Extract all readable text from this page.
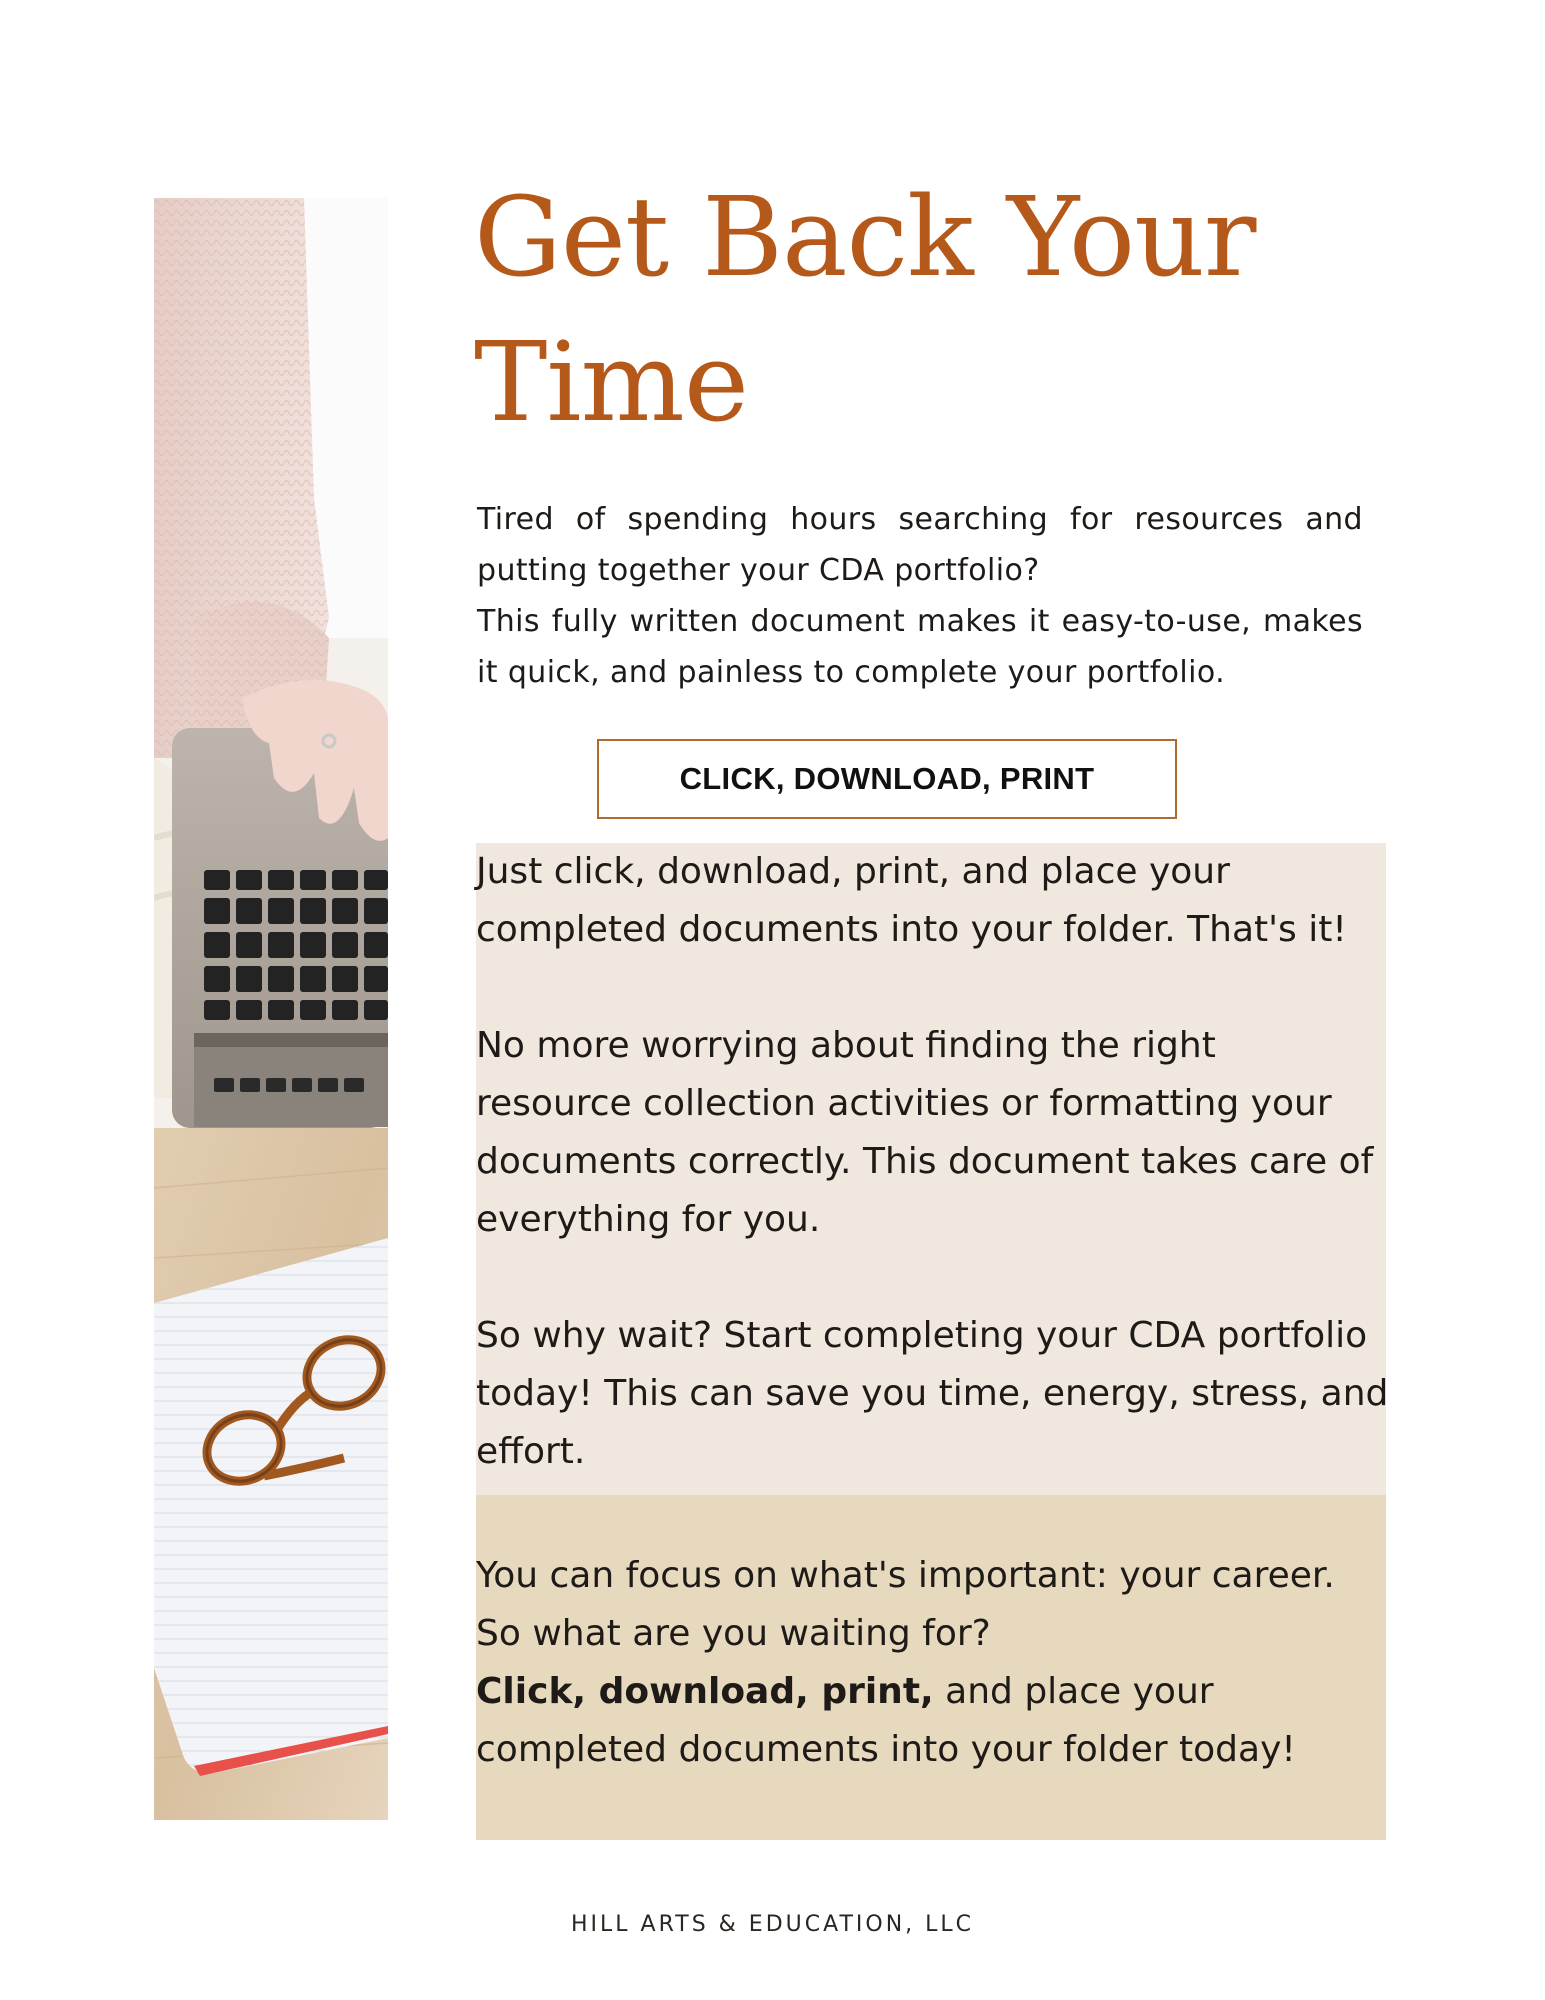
Get Back Your
Time
Tired of spending hours searching for resources and
putting together your CDA portfolio?
This fully written document makes it easy-to-use, makes
it quick, and painless to complete your portfolio.
CLICK, DOWNLOAD, PRINT
Just click, download, print, and place your
completed documents into your folder. That's it!
No more worrying about finding the right
resource collection activities or formatting your
documents correctly. This document takes care of
everything for you.
So why wait? Start completing your CDA portfolio
today! This can save you time, energy, stress, and
effort.
You can focus on what's important: your career.
So what are you waiting for?
Click, download, print, and place your
completed documents into your folder today!
HILL ARTS & EDUCATION, LLC
